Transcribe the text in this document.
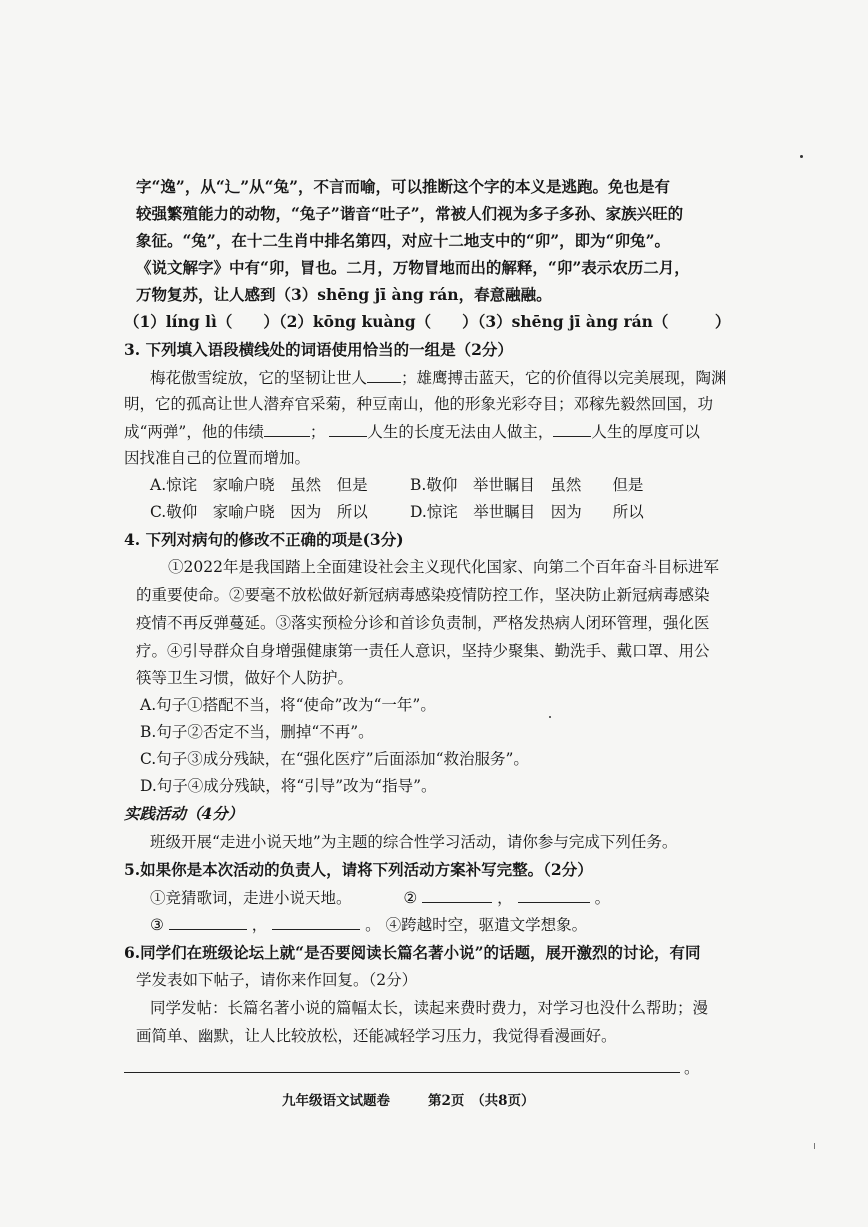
字“逸”，从“辶”从“兔”，不言而喻，可以推断这个字的本义是逃跑。免也是有
较强繁殖能力的动物，“兔子”谐音“吐子”，常被人们视为多子多孙、家族兴旺的
象征。“兔”，在十二生肖中排名第四，对应十二地支中的“卯”，即为“卯兔”。
《说文解字》中有“卯，冒也。二月，万物冒地而出的解释，“卯”表示农历二月，
万物复苏，让人感到（3）shēng jī àng rán，春意融融。
（1）líng lì（　　）（2）kōng kuàng（　　）（3）shēng jī àng rán（　　　）
3. 下列填入语段横线处的词语使用恰当的一组是（2分）
梅花傲雪绽放，它的坚韧让世人 ；雄鹰搏击蓝天，它的价值得以完美展现，陶渊
明，它的孤高让世人潜弃官采菊，种豆南山，他的形象光彩夺目；邓稼先毅然回国，功
成“两弹”，他的伟绩	；	人生的长度无法由人做主， 人生的厚度可以
因找准自己的位置而增加。
A.惊诧　家喻户晓　虽然　但是	B.敬仰　举世瞩目　虽然　　但是
C.敬仰　家喻户晓　因为　所以	D.惊诧　举世瞩目　因为　　所以
4. 下列对病句的修改不正确的项是(3分)
①2022年是我国踏上全面建设社会主义现代化国家、向第二个百年奋斗目标进军
的重要使命。②要毫不放松做好新冠病毒感染疫情防控工作，坚决防止新冠病毒感染
疫情不再反弹蔓延。③落实预检分诊和首诊负责制，严格发热病人闭环管理，强化医
疗。④引导群众自身增强健康第一责任人意识，坚持少聚集、勤洗手、戴口罩、用公
筷等卫生习惯，做好个人防护。
A.句子①搭配不当，将“使命”改为“一年”。
B.句子②否定不当，删掉“不再”。
C.句子③成分残缺，在“强化医疗”后面添加“救治服务”。
D.句子④成分残缺，将“引导”改为“指导”。
实践活动（4分）
班级开展“走进小说天地”为主题的综合性学习活动，请你参与完成下列任务。
5.如果你是本次活动的负责人，请将下列活动方案补写完整。（2分）
①竞猜歌词，走进小说天地。	②	，	。
③	，	。 ④跨越时空，驱遣文学想象。
6.同学们在班级论坛上就“是否要阅读长篇名著小说”的话题，展开激烈的讨论，有同
学发表如下帖子，请你来作回复。（2分）
同学发帖：长篇名著小说的篇幅太长，读起来费时费力，对学习也没什么帮助；漫
画简单、幽默，让人比较放松，还能减轻学习压力，我觉得看漫画好。
。
九年级语文试题卷	第2页　（共8页）
